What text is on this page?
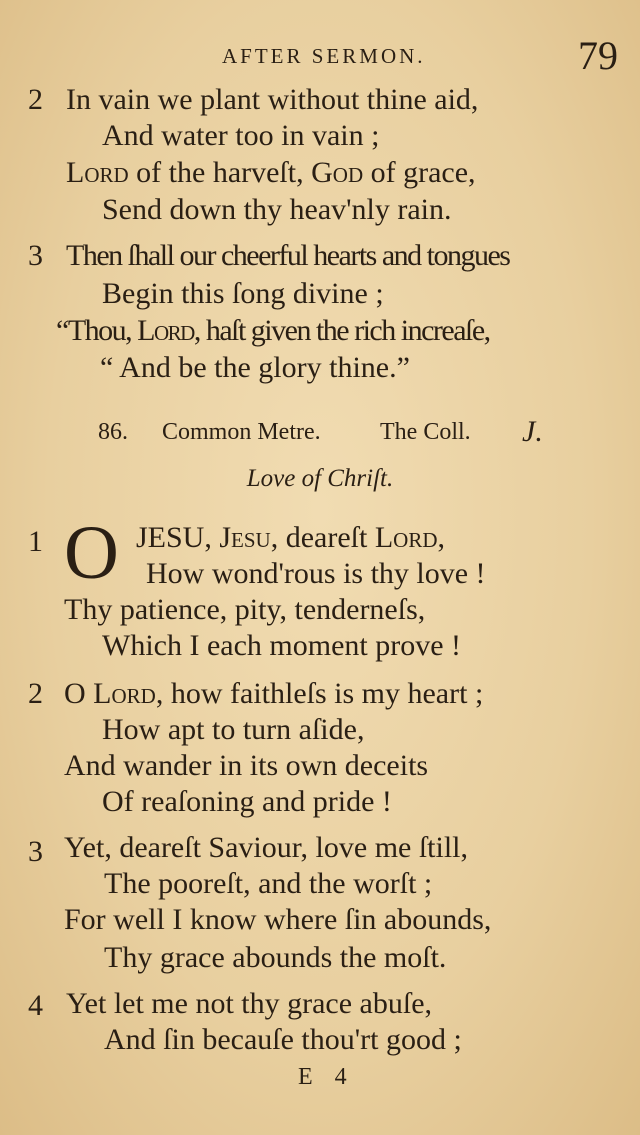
AFTER SERMON.	79
2 In vain we plant without thine aid,
And water too in vain ;
Lord of the harveſt, God of grace,
Send down thy heav'nly rain.
3 Then ſhall our cheerful hearts and tongues
Begin this ſong divine ;
“Thou, Lord, haſt given the rich increaſe,
“ And be the glory thine.”
86. Common Metre. The Coll. J.
Love of Chriſt.
1 O JESU, Jesu, deareſt Lord,
How wond'rous is thy love !
Thy patience, pity, tenderneſs,
Which I each moment prove !
2 O Lord, how faithleſs is my heart ;
How apt to turn aſide,
And wander in its own deceits
Of reaſoning and pride !
3 Yet, deareſt Saviour, love me ſtill,
The pooreſt, and the worſt ;
For well I know where ſin abounds,
Thy grace abounds the moſt.
4 Yet let me not thy grace abuſe,
And ſin becauſe thou'rt good ;
E 4
